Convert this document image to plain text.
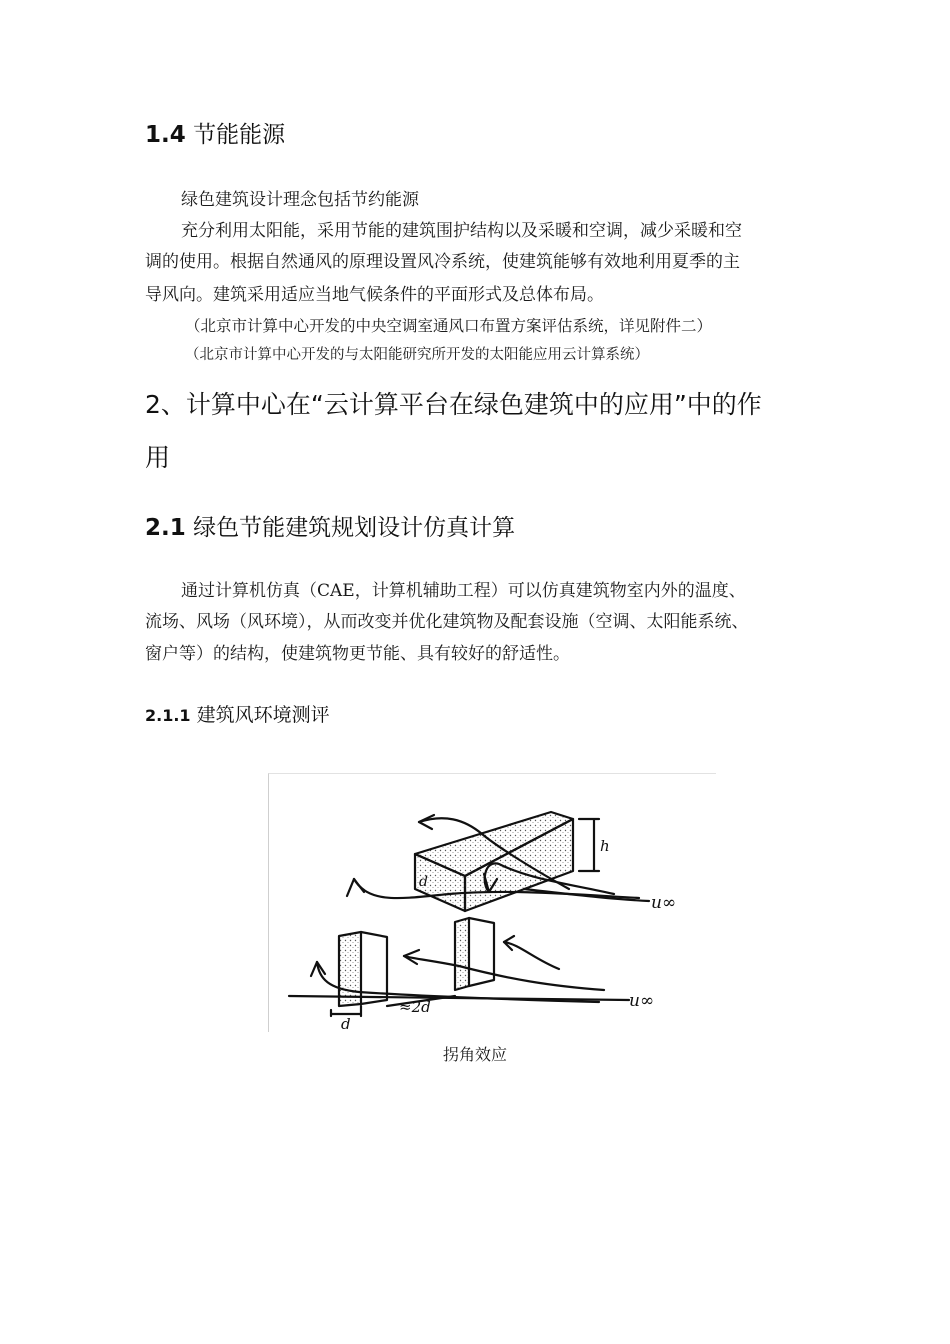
1.4 节能能源
绿色建筑设计理念包括节约能源
充分利用太阳能，采用节能的建筑围护结构以及采暖和空调，减少采暖和空
调的使用。根据自然通风的原理设置风冷系统，使建筑能够有效地利用夏季的主
导风向。建筑采用适应当地气候条件的平面形式及总体布局。
（北京市计算中心开发的中央空调室通风口布置方案评估系统，详见附件二）
（北京市计算中心开发的与太阳能研究所开发的太阳能应用云计算系统）
2、计算中心在“云计算平台在绿色建筑中的应用”中的作
用
2.1 绿色节能建筑规划设计仿真计算
通过计算机仿真（CAE，计算机辅助工程）可以仿真建筑物室内外的温度、
流场、风场（风环境），从而改变并优化建筑物及配套设施（空调、太阳能系统、
窗户等）的结构，使建筑物更节能、具有较好的舒适性。
2.1.1 建筑风环境测评
h
d
u∞
u∞
d
≈2d
拐角效应
